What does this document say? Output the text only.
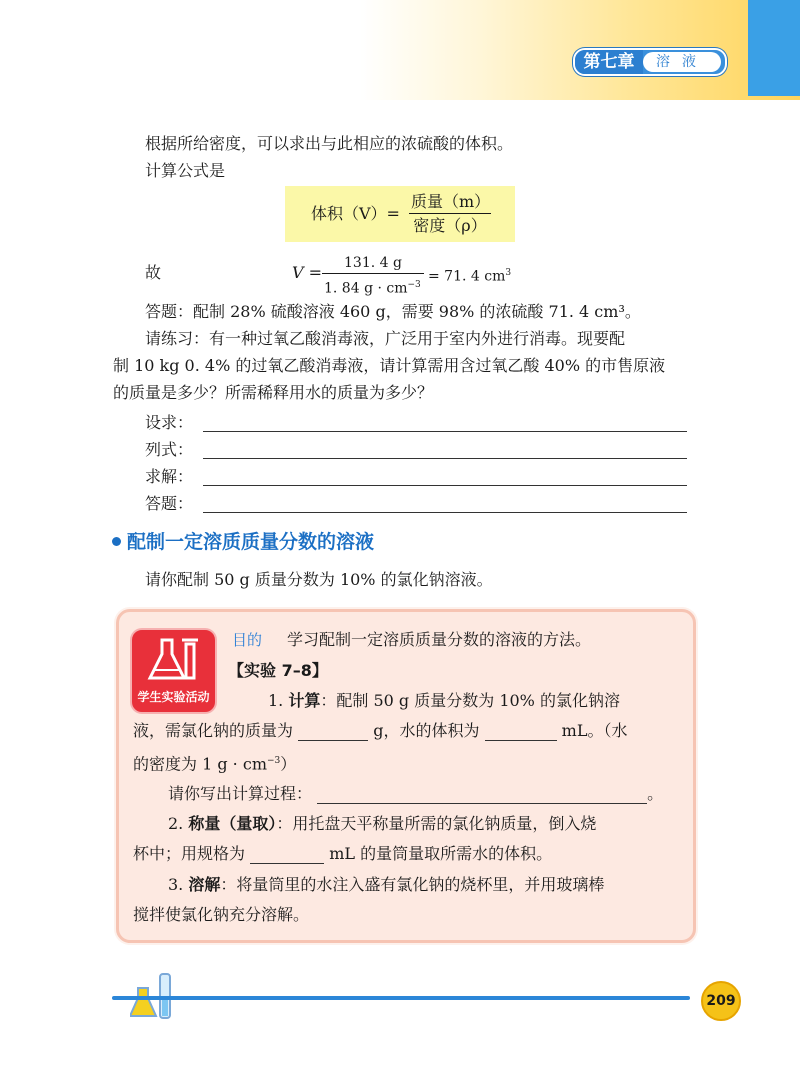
第七章	溶液
根据所给密度，可以求出与此相应的浓硫酸的体积。
计算公式是
体积（V）=
质量（m）
密度（ρ）
故	V =	131. 4 g
1. 84 $g \cdot cm^{-3}$
= 71. 4 $cm^3$
答题：配制 28% 硫酸溶液 460 g，需要 98% 的浓硫酸 71. 4 cm³。
请练习：有一种过氧乙酸消毒液，广泛用于室内外进行消毒。现要配
制 10 kg 0. 4% 的过氧乙酸消毒液，请计算需用含过氧乙酸 40% 的市售原液
的质量是多少？所需稀释用水的质量为多少？
设求：
列式：
求解：
答题：
配制一定溶质质量分数的溶液
请你配制 50 g 质量分数为 10% 的氯化钠溶液。
学生实验活动
目的 学习配制一定溶质质量分数的溶液的方法。
【实验 7–8】
1. 计算：配制 50 g 质量分数为 10% 的氯化钠溶
液，需氯化钠的质量为	g，水的体积为	mL。（水
的密度为 1 $g \cdot cm^{-3}$）
请你写出计算过程：	。
2. 称量（量取）：用托盘天平称量所需的氯化钠质量，倒入烧
杯中；用规格为	mL 的量筒量取所需水的体积。
3. 溶解：将量筒里的水注入盛有氯化钠的烧杯里，并用玻璃棒
搅拌使氯化钠充分溶解。
209
